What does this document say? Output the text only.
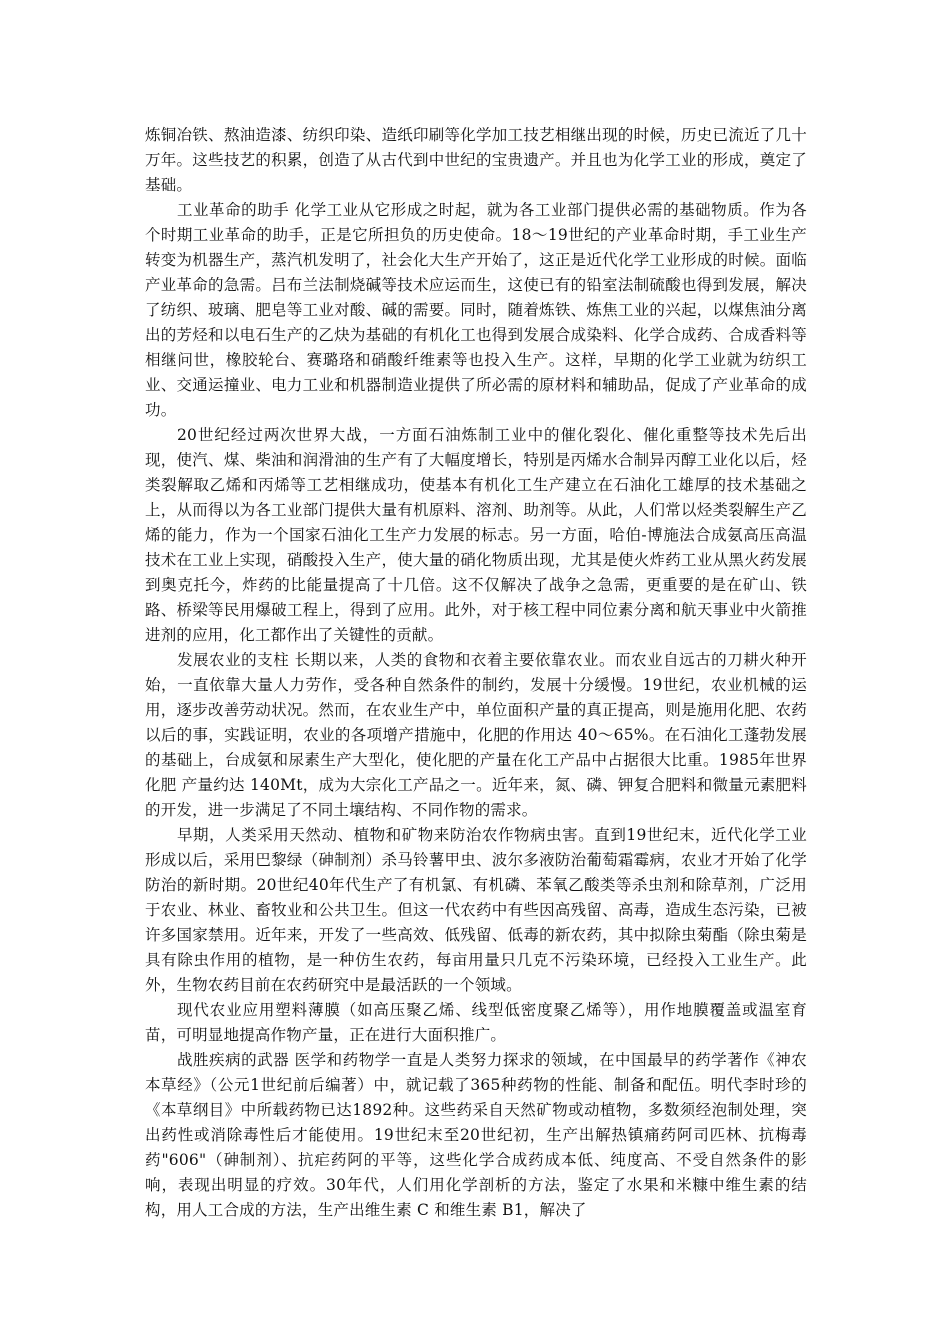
炼铜冶铁、熬油造漆、纺织印染、造纸印刷等化学加工技艺相继出现的时候，历史已流近了几十万年。这些技艺的积累，创造了从古代到中世纪的宝贵遗产。并且也为化学工业的形成，奠定了基础。

工业革命的助手 化学工业从它形成之时起，就为各工业部门提供必需的基础物质。作为各个时期工业革命的助手，正是它所担负的历史使命。18～19世纪的产业革命时期，手工业生产转变为机器生产，蒸汽机发明了，社会化大生产开始了，这正是近代化学工业形成的时候。面临产业革命的急需。吕布兰法制烧碱等技术应运而生，这使已有的铅室法制硫酸也得到发展，解决了纺织、玻璃、肥皂等工业对酸、碱的需要。同时，随着炼铁、炼焦工业的兴起，以煤焦油分离出的芳烃和以电石生产的乙炔为基础的有机化工也得到发展合成染料、化学合成药、合成香料等相继问世，橡胶轮台、赛璐珞和硝酸纤维素等也投入生产。这样，早期的化学工业就为纺织工业、交通运撞业、电力工业和机器制造业提供了所必需的原材料和辅助品，促成了产业革命的成功。

20世纪经过两次世界大战，一方面石油炼制工业中的催化裂化、催化重整等技术先后出现，使汽、煤、柴油和润滑油的生产有了大幅度增长，特别是丙烯水合制异丙醇工业化以后，烃类裂解取乙烯和丙烯等工艺相继成功，使基本有机化工生产建立在石油化工雄厚的技术基础之上，从而得以为各工业部门提供大量有机原料、溶剂、助剂等。从此，人们常以烃类裂解生产乙烯的能力，作为一个国家石油化工生产力发展的标志。另一方面，哈伯-博施法合成氨高压高温技术在工业上实现，硝酸投入生产，使大量的硝化物质出现，尤其是使火炸药工业从黑火药发展到奥克托今，炸药的比能量提高了十几倍。这不仅解决了战争之急需，更重要的是在矿山、铁路、桥梁等民用爆破工程上，得到了应用。此外，对于核工程中同位素分离和航天事业中火箭推进剂的应用，化工都作出了关键性的贡献。

发展农业的支柱 长期以来，人类的食物和衣着主要依靠农业。而农业自远古的刀耕火种开始，一直依靠大量人力劳作，受各种自然条件的制约，发展十分缓慢。19世纪，农业机械的运用，逐步改善劳动状况。然而，在农业生产中，单位面积产量的真正提高，则是施用化肥、农药以后的事，实践证明，农业的各项增产措施中，化肥的作用达 40～65%。在石油化工蓬勃发展的基础上，台成氨和尿素生产大型化，使化肥的产量在化工产品中占据很大比重。1985年世界化肥 产量约达 140Mt，成为大宗化工产品之一。近年来，氮、磷、钾复合肥料和微量元素肥料的开发，进一步满足了不同土壤结构、不同作物的需求。

早期，人类采用天然动、植物和矿物来防治农作物病虫害。直到19世纪末，近代化学工业形成以后，采用巴黎绿（砷制剂）杀马铃薯甲虫、波尔多液防治葡萄霜霉病，农业才开始了化学防治的新时期。20世纪40年代生产了有机氯、有机磷、苯氧乙酸类等杀虫剂和除草剂，广泛用于农业、林业、畜牧业和公共卫生。但这一代农药中有些因高残留、高毒，造成生态污染，已被许多国家禁用。近年来，开发了一些高效、低残留、低毒的新农药，其中拟除虫菊酯（除虫菊是具有除虫作用的植物，是一种仿生农药，每亩用量只几克不污染环境，已经投入工业生产。此外，生物农药目前在农药研究中是最活跃的一个领域。

现代农业应用塑料薄膜（如高压聚乙烯、线型低密度聚乙烯等），用作地膜覆盖或温室育苗，可明显地提高作物产量，正在进行大面积推广。

战胜疾病的武器 医学和药物学一直是人类努力探求的领域，在中国最早的药学著作《神农本草经》（公元1世纪前后编著）中，就记载了365种药物的性能、制备和配伍。明代李时珍的《本草纲目》中所载药物已达1892种。这些药采自天然矿物或动植物，多数须经泡制处理，突出药性或消除毒性后才能使用。19世纪末至20世纪初，生产出解热镇痛药阿司匹林、抗梅毒药"606"（砷制剂）、抗疟药阿的平等，这些化学合成药成本低、纯度高、不受自然条件的影响，表现出明显的疗效。30年代，人们用化学剖析的方法，鉴定了水果和米糠中维生素的结构，用人工合成的方法，生产出维生素 C 和维生素 B1，解决了
